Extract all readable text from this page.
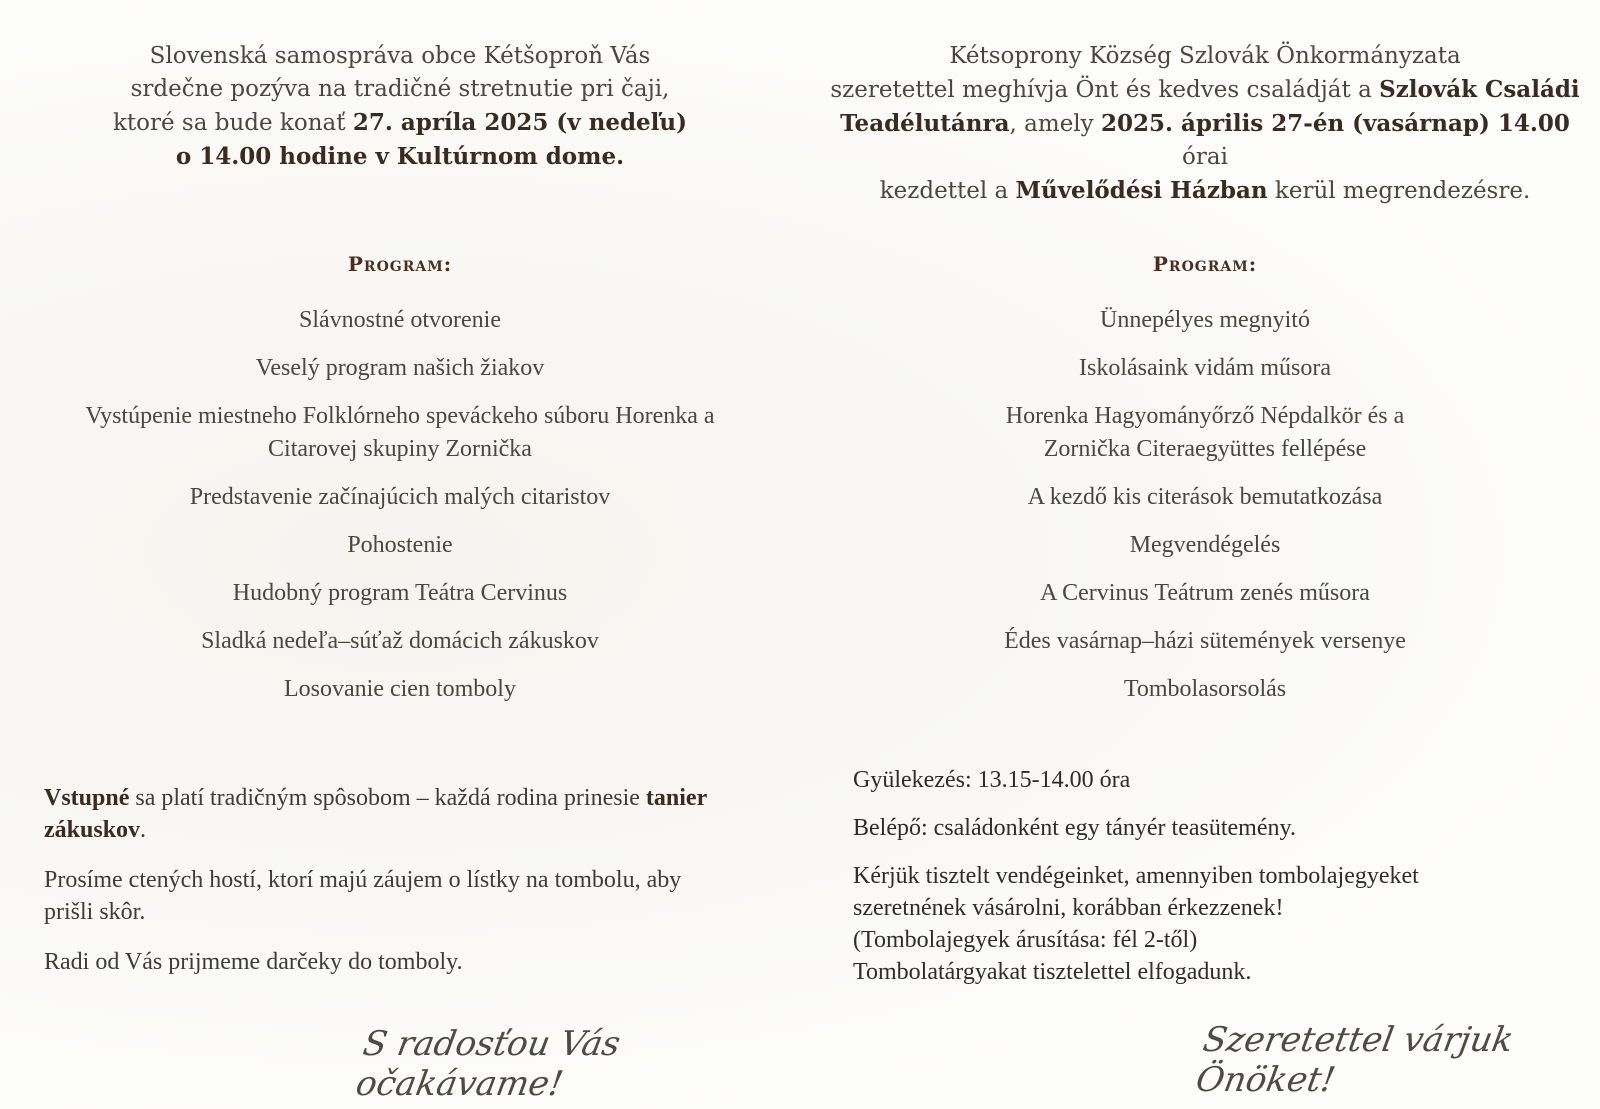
Slovenská samospráva obce Kétšoproň Vás

srdečne pozýva na tradičné stretnutie pri čaji,

ktoré sa bude konať 27. apríla 2025 (v nedeľu)

o 14.00 hodine v Kultúrnom dome.

Program:
Slávnostné otvorenie
Veselý program našich žiakov
Vystúpenie miestneho Folklórneho speváckeho súboru Horenka a Citarovej skupiny Zornička
Predstavenie začínajúcich malých citaristov
Pohostenie
Hudobný program Teátra Cervinus
Sladká nedeľa–súťaž domácich zákuskov
Losovanie cien tomboly

Vstupné sa platí tradičným spôsobom – každá rodina prinesie tanier zákuskov.

Prosíme ctených hostí, ktorí majú záujem o lístky na tombolu, aby prišli skôr.

Radi od Vás prijmeme darčeky do tomboly.

S radosťou Vás očakávame!

Kétsoprony Község Szlovák Önkormányzata

szeretettel meghívja Önt és kedves családját a Szlovák Családi

Teadélutánra, amely 2025. április 27-én (vasárnap) 14.00 órai

kezdettel a Művelődési Házban kerül megrendezésre.

Program:
Ünnepélyes megnyitó
Iskolásaink vidám műsora
Horenka Hagyományőrző Népdalkör és a Zornička Citeraegyüttes fellépése
A kezdő kis citerások bemutatkozása
Megvendégelés
A Cervinus Teátrum zenés műsora
Édes vasárnap–házi sütemények versenye
Tombolasorsolás

Gyülekezés: 13.15-14.00 óra

Belépő: családonként egy tányér teasütemény.

Kérjük tisztelt vendégeinket, amennyiben tombolajegyeket
szeretnének vásárolni, korábban érkezzenek!
(Tombolajegyek árusítása: fél 2-től)
Tombolatárgyakat tisztelettel elfogadunk.

Szeretettel várjuk Önöket!
